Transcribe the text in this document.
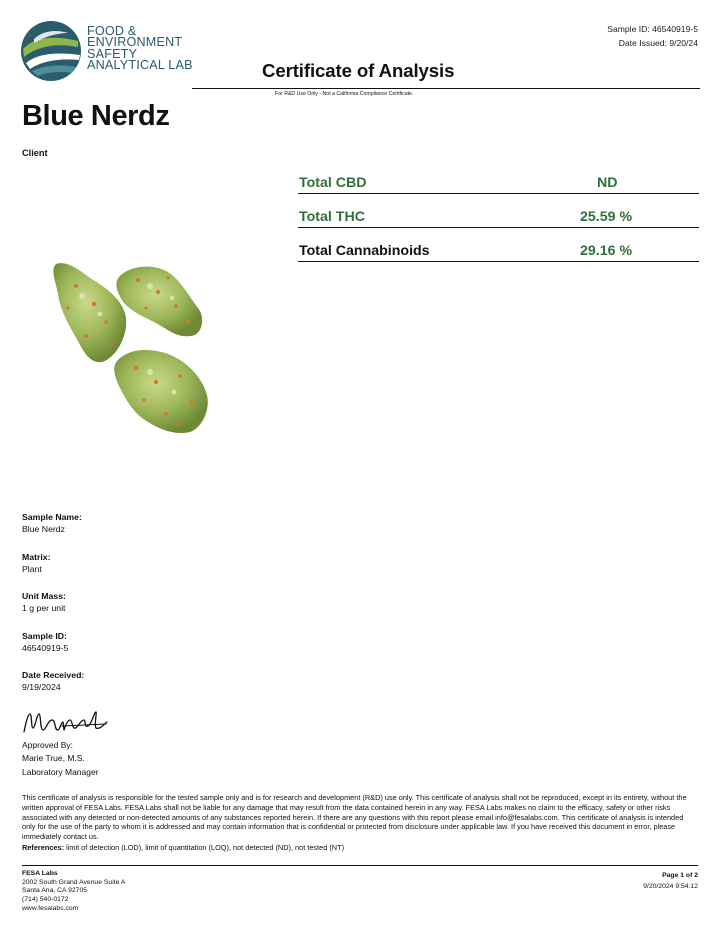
FOOD &
ENVIRONMENT
SAFETY
ANALYTICAL LAB
Sample ID: 46540919-5
Date Issued: 9/20/24
Certificate of Analysis
For R&D Use Only - Not a California Compliance Certificate.
Blue Nerdz
Client
Total CBD	ND
Total THC	25.59 %
Total Cannabinoids	29.16 %
Sample Name:
Blue Nerdz
Matrix:
Plant
Unit Mass:
1 g per unit
Sample ID:
46540919-5
Date Received:
9/19/2024
Approved By:
Marie True, M.S.
Laboratory Manager
This certificate of analysis is responsible for the tested sample only and is for research and development (R&D) use only. This certificate of analysis shall not be reproduced, except in its entirety, without the written approval of FESA Labs. FESA Labs shall not be liable for any damage that may result from the data contained herein in any way. FESA Labs makes no claim to the efficacy, safety or other risks associated with any detected or non-detected amounts of any substances reported herein. If there are any questions with this report please email info@fesalabs.com. This certificate of analysis is intended only for the use of the party to whom it is addressed and may contain information that is confidential or protected from disclosure under applicable law. If you have received this document in error, please immediately contact us.
References: limit of detection (LOD), limit of quantitation (LOQ), not detected (ND), not tested (NT)
FESA Labs
2002 South Grand Avenue Suite A
Santa Ana, CA 92705
(714) 540-0172
www.fesalabs.com
Page 1 of 2
9/20/2024 9:54:12
